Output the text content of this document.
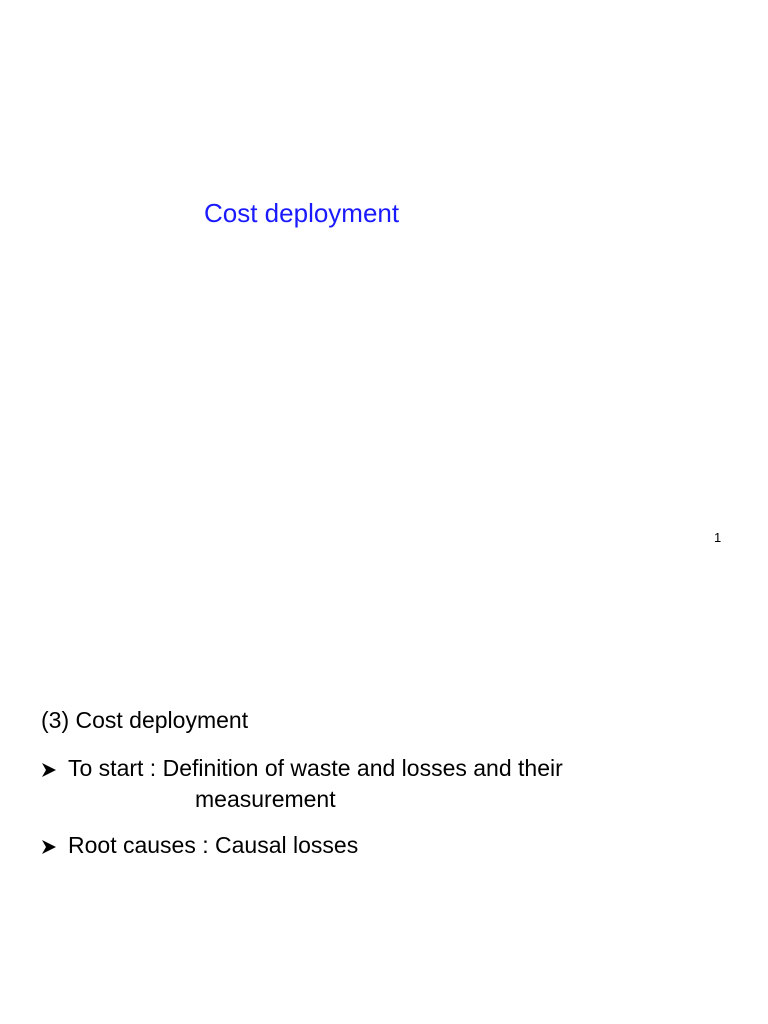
Cost deployment
1
(3) Cost deployment
To start : Definition of waste and losses and their
measurement
Root causes : Causal losses
